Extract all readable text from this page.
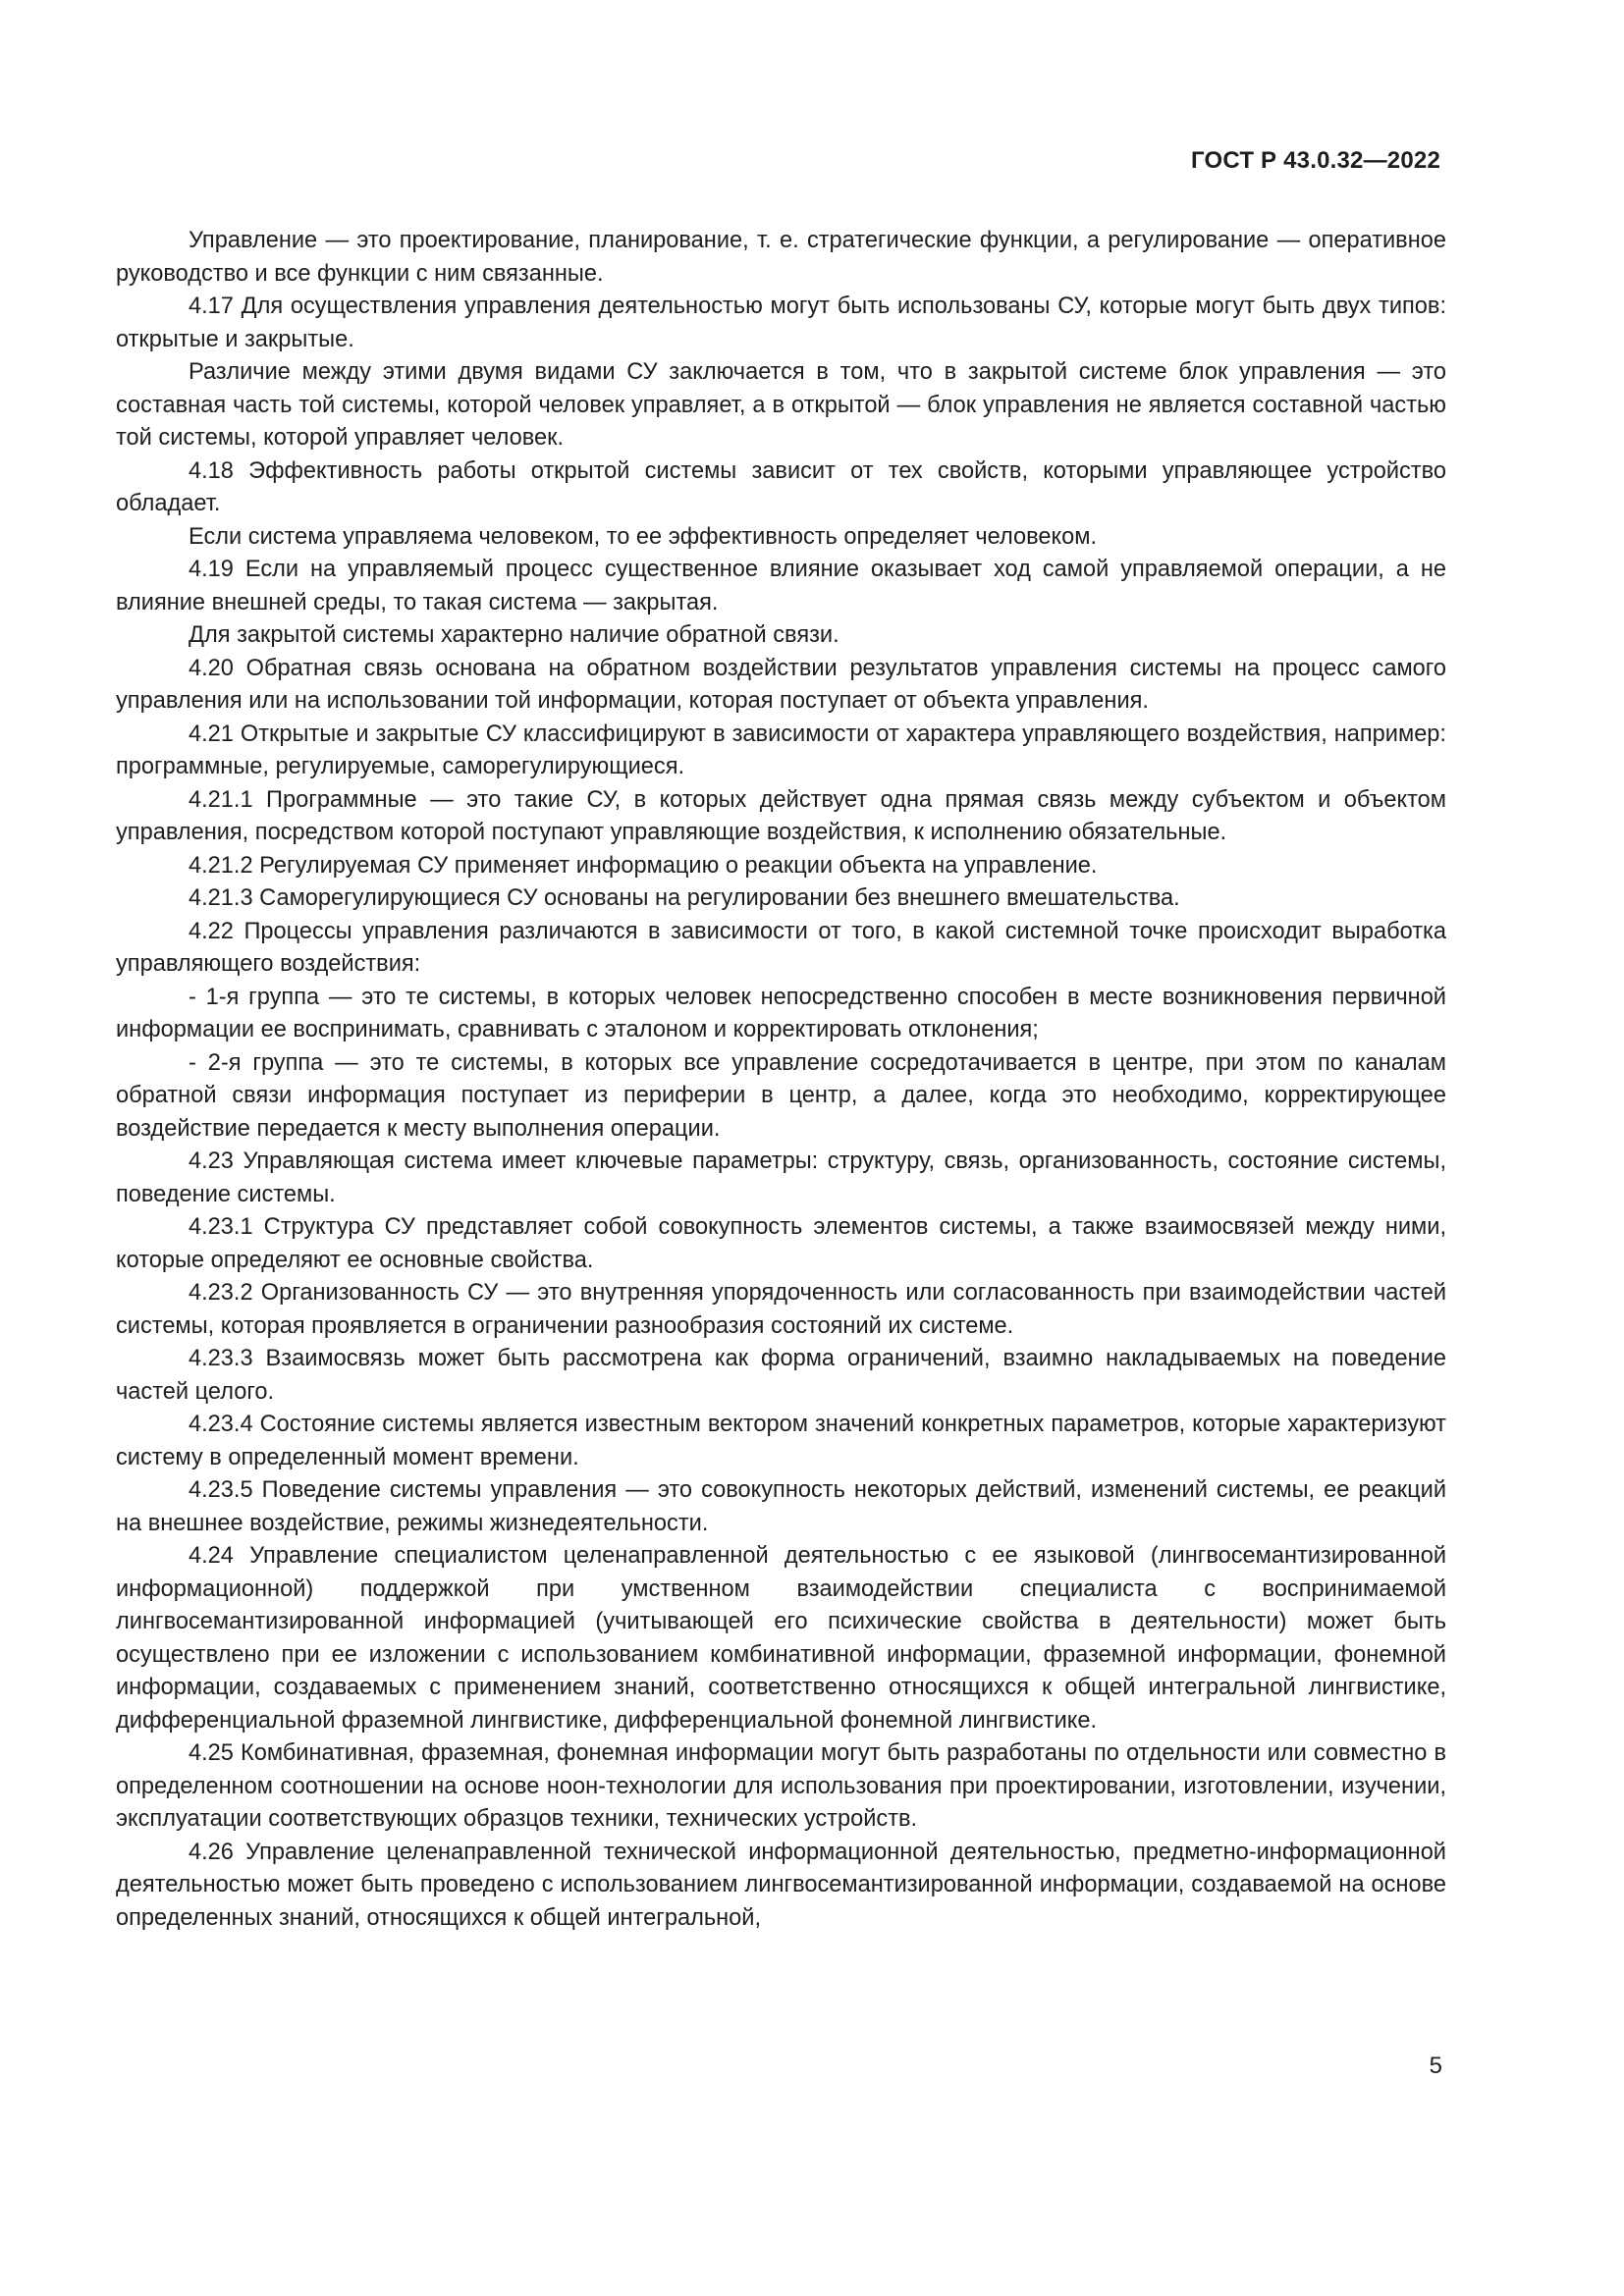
ГОСТ Р 43.0.32—2022

Управление — это проектирование, планирование, т. е. стратегические функции, а регулирование — оперативное руководство и все функции с ним связанные.

4.17 Для осуществления управления деятельностью могут быть использованы СУ, которые могут быть двух типов: открытые и закрытые.

Различие между этими двумя видами СУ заключается в том, что в закрытой системе блок управления — это составная часть той системы, которой человек управляет, а в открытой — блок управления не является составной частью той системы, которой управляет человек.

4.18 Эффективность работы открытой системы зависит от тех свойств, которыми управляющее устройство обладает.

Если система управляема человеком, то ее эффективность определяет человеком.

4.19 Если на управляемый процесс существенное влияние оказывает ход самой управляемой операции, а не влияние внешней среды, то такая система — закрытая.

Для закрытой системы характерно наличие обратной связи.

4.20 Обратная связь основана на обратном воздействии результатов управления системы на процесс самого управления или на использовании той информации, которая поступает от объекта управления.

4.21 Открытые и закрытые СУ классифицируют в зависимости от характера управляющего воздействия, например: программные, регулируемые, саморегулирующиеся.

4.21.1 Программные — это такие СУ, в которых действует одна прямая связь между субъектом и объектом управления, посредством которой поступают управляющие воздействия, к исполнению обязательные.

4.21.2 Регулируемая СУ применяет информацию о реакции объекта на управление.

4.21.3 Саморегулирующиеся СУ основаны на регулировании без внешнего вмешательства.

4.22 Процессы управления различаются в зависимости от того, в какой системной точке происходит выработка управляющего воздействия:

- 1-я группа — это те системы, в которых человек непосредственно способен в месте возникновения первичной информации ее воспринимать, сравнивать с эталоном и корректировать отклонения;

- 2-я группа — это те системы, в которых все управление сосредотачивается в центре, при этом по каналам обратной связи информация поступает из периферии в центр, а далее, когда это необходимо, корректирующее воздействие передается к месту выполнения операции.

4.23 Управляющая система имеет ключевые параметры: структуру, связь, организованность, состояние системы, поведение системы.

4.23.1 Структура СУ представляет собой совокупность элементов системы, а также взаимосвязей между ними, которые определяют ее основные свойства.

4.23.2 Организованность СУ — это внутренняя упорядоченность или согласованность при взаимодействии частей системы, которая проявляется в ограничении разнообразия состояний их системе.

4.23.3 Взаимосвязь может быть рассмотрена как форма ограничений, взаимно накладываемых на поведение частей целого.

4.23.4 Состояние системы является известным вектором значений конкретных параметров, которые характеризуют систему в определенный момент времени.

4.23.5 Поведение системы управления — это совокупность некоторых действий, изменений системы, ее реакций на внешнее воздействие, режимы жизнедеятельности.

4.24 Управление специалистом целенаправленной деятельностью с ее языковой (лингвосемантизированной информационной) поддержкой при умственном взаимодействии специалиста с воспринимаемой лингвосемантизированной информацией (учитывающей его психические свойства в деятельности) может быть осуществлено при ее изложении с использованием комбинативной информации, фраземной информации, фонемной информации, создаваемых с применением знаний, соответственно относящихся к общей интегральной лингвистике, дифференциальной фраземной лингвистике, дифференциальной фонемной лингвистике.

4.25 Комбинативная, фраземная, фонемная информации могут быть разработаны по отдельности или совместно в определенном соотношении на основе ноон-технологии для использования при проектировании, изготовлении, изучении, эксплуатации соответствующих образцов техники, технических устройств.

4.26 Управление целенаправленной технической информационной деятельностью, предметно-информационной деятельностью может быть проведено с использованием лингвосемантизированной информации, создаваемой на основе определенных знаний, относящихся к общей интегральной,

5
